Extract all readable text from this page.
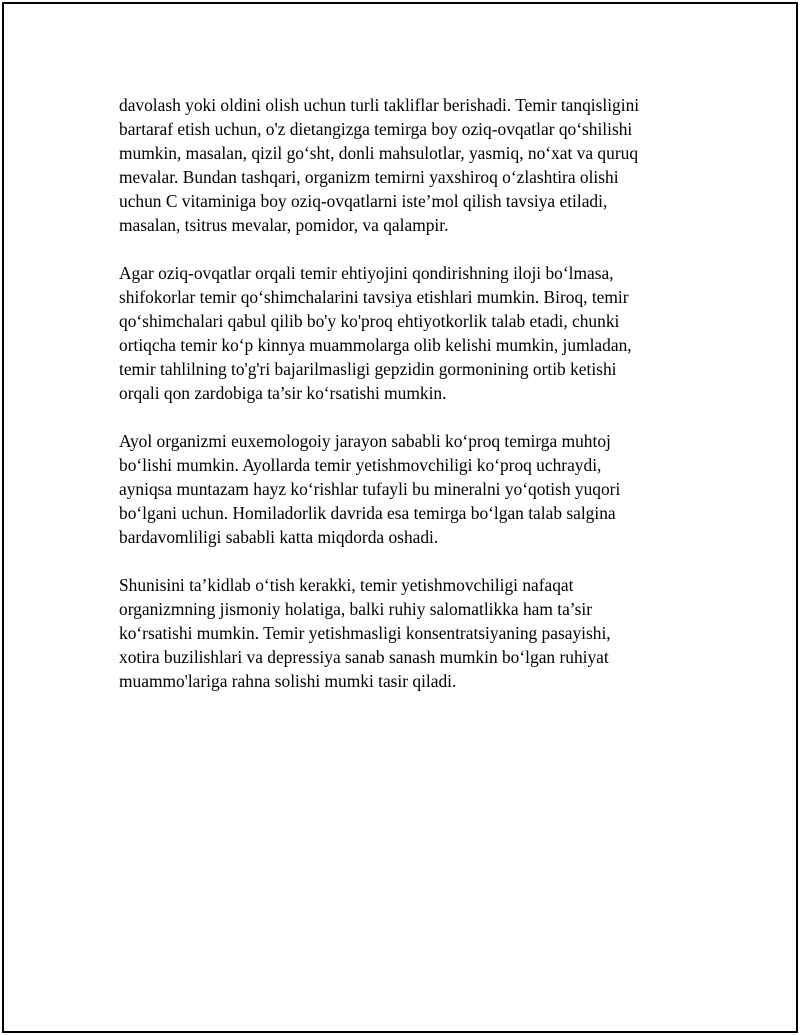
davolash yoki oldini olish uchun turli takliflar berishadi. Temir tanqisligini
bartaraf etish uchun, o'z dietangizga temirga boy oziq-ovqatlar qo‘shilishi
mumkin, masalan, qizil go‘sht, donli mahsulotlar, yasmiq, no‘xat va quruq
mevalar. Bundan tashqari, organizm temirni yaxshiroq o‘zlashtira olishi
uchun C vitaminiga boy oziq-ovqatlarni iste’mol qilish tavsiya etiladi,
masalan, tsitrus mevalar, pomidor, va qalampir.

Agar oziq-ovqatlar orqali temir ehtiyojini qondirishning iloji bo‘lmasa,
shifokorlar temir qo‘shimchalarini tavsiya etishlari mumkin. Biroq, temir
qo‘shimchalari qabul qilib bo'y ko'proq ehtiyotkorlik talab etadi, chunki
ortiqcha temir ko‘p kinnya muammolarga olib kelishi mumkin, jumladan,
temir tahlilning to'g'ri bajarilmasligi gepzidin gormonining ortib ketishi
orqali qon zardobiga ta’sir ko‘rsatishi mumkin.

Ayol organizmi euxemologoiy jarayon sababli ko‘proq temirga muhtoj
bo‘lishi mumkin. Ayollarda temir yetishmovchiligi ko‘proq uchraydi,
ayniqsa muntazam hayz ko‘rishlar tufayli bu mineralni yo‘qotish yuqori
bo‘lgani uchun. Homiladorlik davrida esa temirga bo‘lgan talab salgina
bardavomliligi sababli katta miqdorda oshadi.

Shunisini ta’kidlab o‘tish kerakki, temir yetishmovchiligi nafaqat
organizmning jismoniy holatiga, balki ruhiy salomatlikka ham ta’sir
ko‘rsatishi mumkin. Temir yetishmasligi konsentratsiyaning pasayishi,
xotira buzilishlari va depressiya sanab sanash mumkin bo‘lgan ruhiyat
muammo'lariga rahna solishi mumki tasir qiladi.
